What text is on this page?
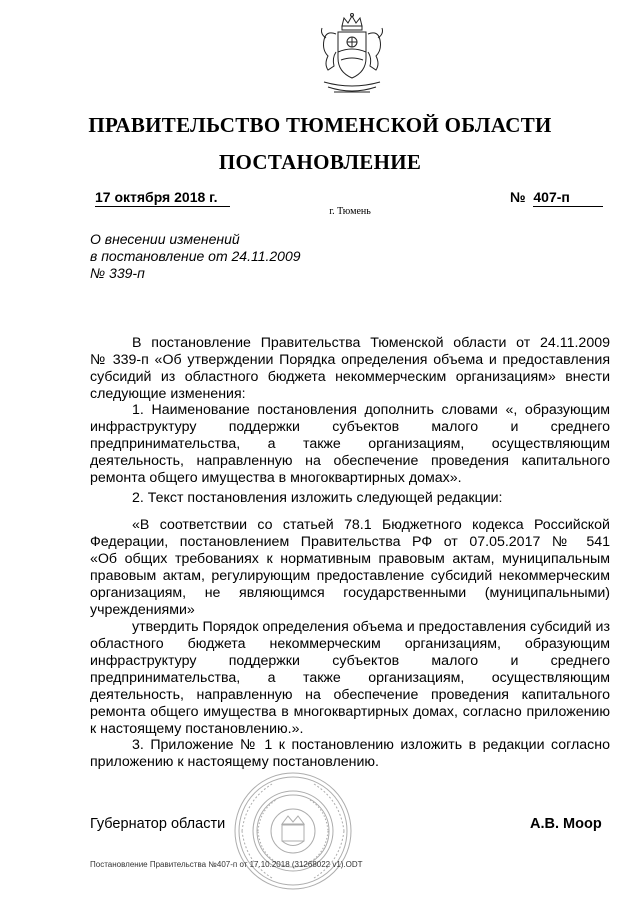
ПРАВИТЕЛЬСТВО ТЮМЕНСКОЙ ОБЛАСТИ
ПОСТАНОВЛЕНИЕ
17 октября 2018 г.	№ 407-п
г. Тюмень
О внесении изменений
в постановление от 24.11.2009
№ 339-п
В постановление Правительства Тюменской области от 24.11.2009
№ 339-п «Об утверждении Порядка определения объема и предоставления
субсидий из областного бюджета некоммерческим организациям» внести
следующие изменения:
1. Наименование постановления дополнить словами «, образующим
инфраструктуру поддержки субъектов малого и среднего
предпринимательства, а также организациям, осуществляющим
деятельность, направленную на обеспечение проведения капитального
ремонта общего имущества в многоквартирных домах».
2. Текст постановления изложить следующей редакции:
«В соответствии со статьей 78.1 Бюджетного кодекса Российской
Федерации, постановлением Правительства РФ от 07.05.2017 № 541
«Об общих требованиях к нормативным правовым актам, муниципальным
правовым актам, регулирующим предоставление субсидий некоммерческим
организациям, не являющимся государственными (муниципальными)
учреждениями»
утвердить Порядок определения объема и предоставления субсидий из
областного бюджета некоммерческим организациям, образующим
инфраструктуру поддержки субъектов малого и среднего
предпринимательства, а также организациям, осуществляющим
деятельность, направленную на обеспечение проведения капитального
ремонта общего имущества в многоквартирных домах, согласно приложению
к настоящему постановлению.».
3. Приложение № 1 к постановлению изложить в редакции согласно
приложению к настоящему постановлению.
Губернатор области	А.В. Моор
Постановление Правительства №407-п от 17.10.2018 (31268022 v1).ODT
